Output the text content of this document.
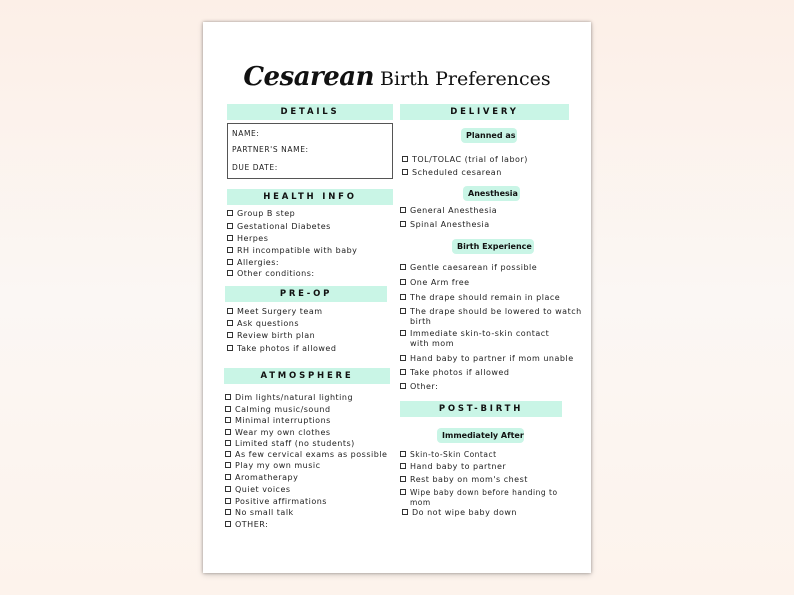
Cesarean Birth Preferences
DETAILS
NAME:
PARTNER'S NAME:
DUE DATE:
HEALTH INFO
Group B step
Gestational Diabetes
Herpes
RH incompatible with baby
Allergies:
Other conditions:
PRE-OP
Meet Surgery team
Ask questions
Review birth plan
Take photos if allowed
ATMOSPHERE
Dim lights/natural lighting
Calming music/sound
Minimal interruptions
Wear my own clothes
Limited staff (no students)
As few cervical exams as possible
Play my own music
Aromatherapy
Quiet voices
Positive affirmations
No small talk
OTHER:
DELIVERY
Planned as
TOL/TOLAC (trial of labor)
Scheduled cesarean
Anesthesia
General Anesthesia
Spinal Anesthesia
Birth Experience
Gentle caesarean if possible
One Arm free
The drape should remain in place
The drape should be lowered to watch
birth
Immediate skin-to-skin contact
with mom
Hand baby to partner if mom unable
Take photos if allowed
Other:
POST-BIRTH
Immediately After
Skin-to-Skin Contact
Hand baby to partner
Rest baby on mom's chest
Wipe baby down before handing to
mom
Do not wipe baby down
